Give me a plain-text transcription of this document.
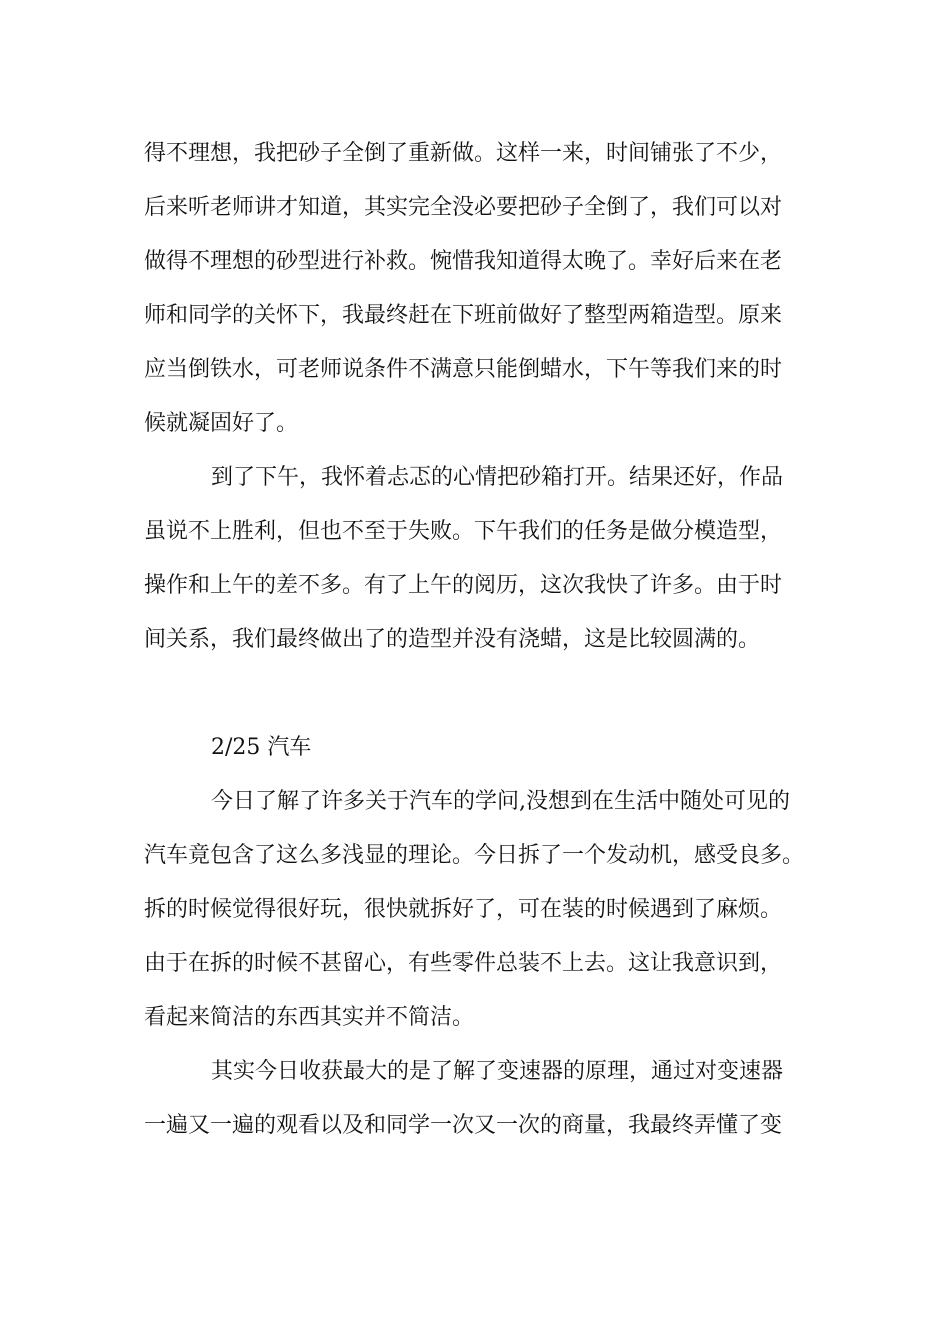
得不理想，我把砂子全倒了重新做。这样一来，时间铺张了不少，
后来听老师讲才知道，其实完全没必要把砂子全倒了，我们可以对
做得不理想的砂型进行补救。惋惜我知道得太晚了。幸好后来在老
师和同学的关怀下，我最终赶在下班前做好了整型两箱造型。原来
应当倒铁水，可老师说条件不满意只能倒蜡水，下午等我们来的时
候就凝固好了。
到了下午，我怀着忐忑的心情把砂箱打开。结果还好，作品
虽说不上胜利，但也不至于失败。下午我们的任务是做分模造型，
操作和上午的差不多。有了上午的阅历，这次我快了许多。由于时
间关系，我们最终做出了的造型并没有浇蜡，这是比较圆满的。
2/25 汽车
今日了解了许多关于汽车的学问,没想到在生活中随处可见的
汽车竟包含了这么多浅显的理论。今日拆了一个发动机，感受良多。
拆的时候觉得很好玩，很快就拆好了，可在装的时候遇到了麻烦。
由于在拆的时候不甚留心，有些零件总装不上去。这让我意识到，
看起来简洁的东西其实并不简洁。
其实今日收获最大的是了解了变速器的原理，通过对变速器
一遍又一遍的观看以及和同学一次又一次的商量，我最终弄懂了变
